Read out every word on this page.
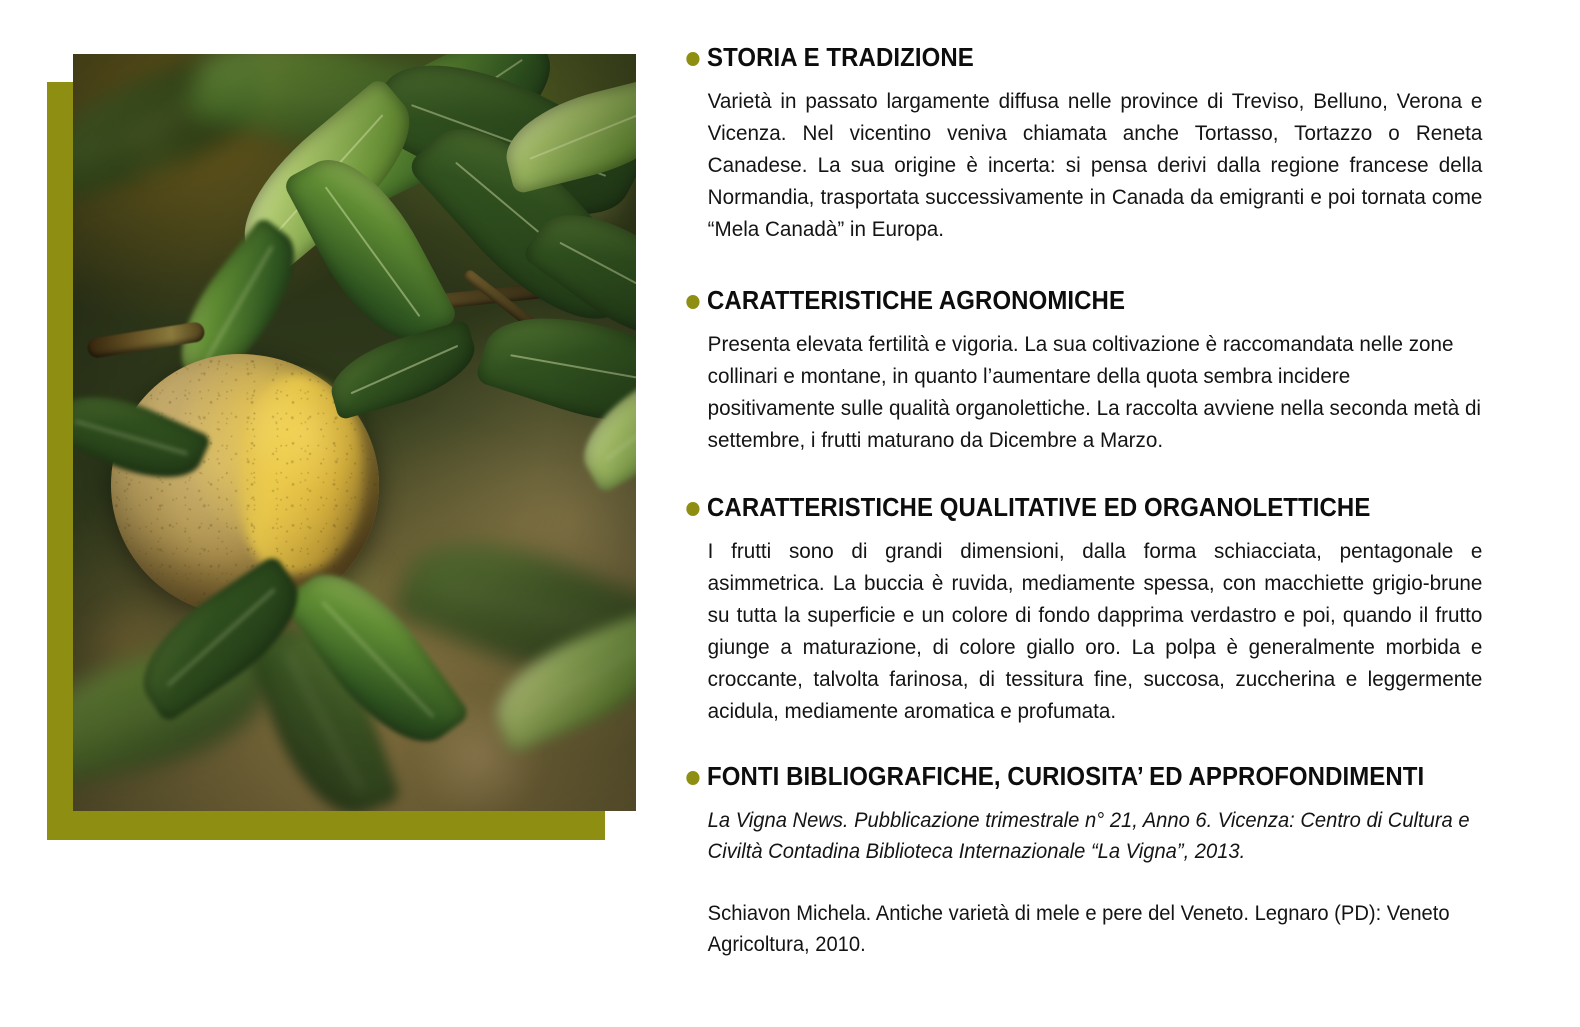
STORIA E TRADIZIONE
Varietà in passato largamente diffusa nelle province di Treviso, Belluno, Verona e Vicenza. Nel vicentino veniva chiamata anche Tortasso, Tortazzo o Reneta Canadese. La sua origine è incerta: si pensa derivi dalla regione francese della Normandia, trasportata successivamente in Canada da emigranti e poi tornata come “Mela Canadà” in Europa.
CARATTERISTICHE AGRONOMICHE
Presenta elevata fertilità e vigoria. La sua coltivazione è raccomandata nelle zone collinari e montane, in quanto l’aumentare della quota sembra incidere positivamente sulle qualità organolettiche. La raccolta avviene nella seconda metà di settembre, i frutti maturano da Dicembre a Marzo.
CARATTERISTICHE QUALITATIVE ED ORGANOLETTICHE
I frutti sono di grandi dimensioni, dalla forma schiacciata, pentagonale e asimmetrica. La buccia è ruvida, mediamente spessa, con macchiette grigio-brune su tutta la superficie e un colore di fondo dapprima verdastro e poi, quando il frutto giunge a maturazione, di colore giallo oro. La polpa è generalmente morbida e croccante, talvolta farinosa, di tessitura fine, succosa, zuccherina e leggermente acidula, mediamente aromatica e profumata.
FONTI BIBLIOGRAFICHE, CURIOSITA’ ED APPROFONDIMENTI
La Vigna News. Pubblicazione trimestrale n° 21, Anno 6. Vicenza: Centro di Cultura e Civiltà Contadina Biblioteca Internazionale “La Vigna”, 2013.
Schiavon Michela. Antiche varietà di mele e pere del Veneto. Legnaro (PD): Veneto Agricoltura, 2010.
